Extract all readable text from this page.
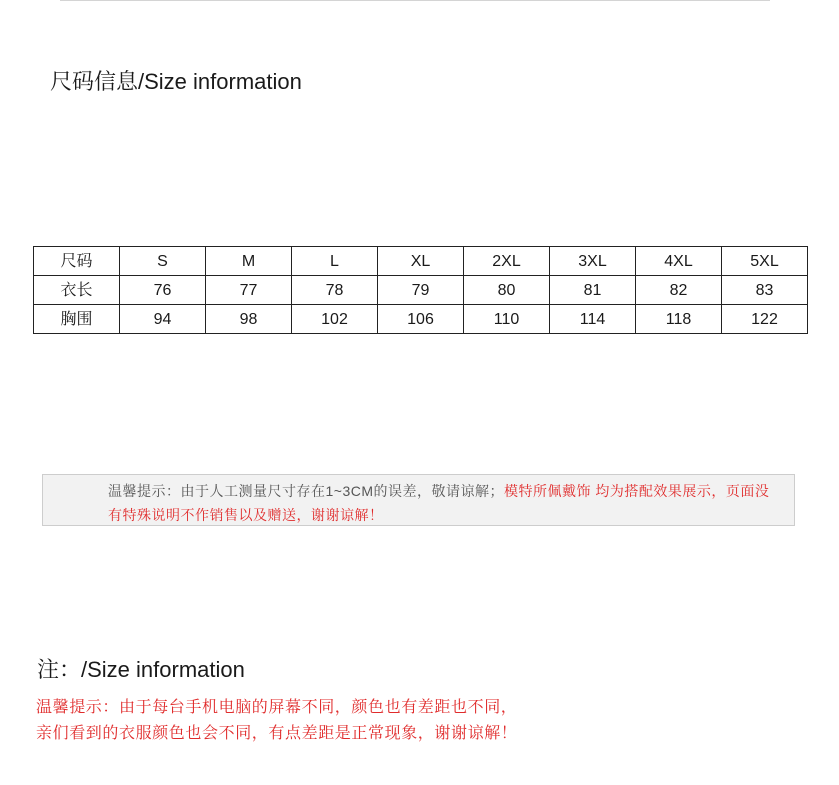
尺码信息/Size information
尺码	S	M	L	XL	2XL	3XL	4XL	5XL
衣长	76	77	78	79	80	81	82	83
胸围	94	98	102	106	110	114	118	122
温馨提示：由于人工测量尺寸存在1~3CM的误差，敬请谅解；模特所佩戴饰 均为搭配效果展示，页面没
有特殊说明不作销售以及赠送，谢谢谅解！
注：/Size information
温馨提示：由于每台手机电脑的屏幕不同，颜色也有差距也不同，
亲们看到的衣服颜色也会不同，有点差距是正常现象，谢谢谅解！
